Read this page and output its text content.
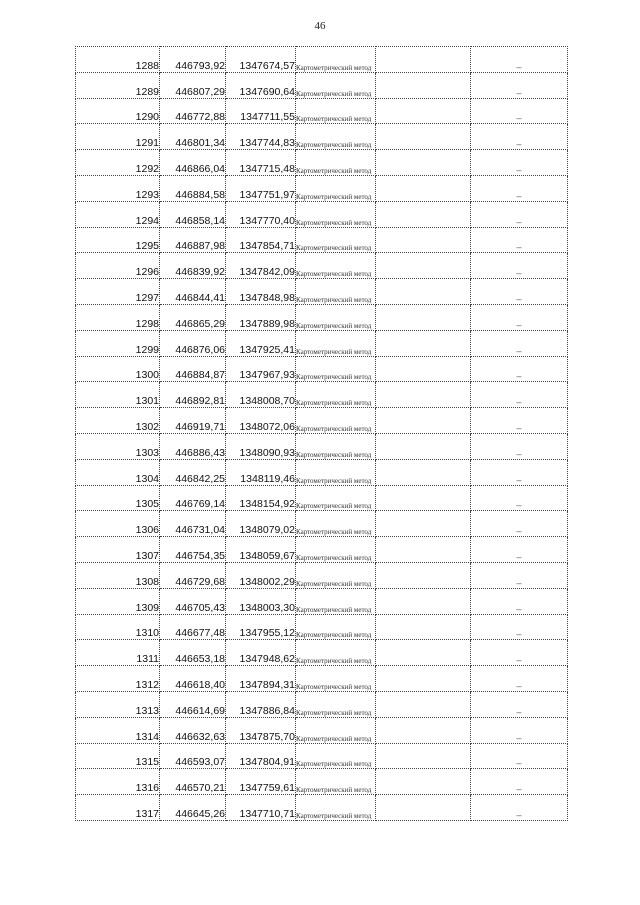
46
1288	446793,92	1347674,57	Картометрический метод		–
1289	446807,29	1347690,64	Картометрический метод		–
1290	446772,88	1347711,55	Картометрический метод		–
1291	446801,34	1347744,83	Картометрический метод		–
1292	446866,04	1347715,48	Картометрический метод		–
1293	446884,58	1347751,97	Картометрический метод		–
1294	446858,14	1347770,40	Картометрический метод		–
1295	446887,98	1347854,71	Картометрический метод		–
1296	446839,92	1347842,09	Картометрический метод		–
1297	446844,41	1347848,98	Картометрический метод		–
1298	446865,29	1347889,98	Картометрический метод		–
1299	446876,06	1347925,41	Картометрический метод		–
1300	446884,87	1347967,93	Картометрический метод		–
1301	446892,81	1348008,70	Картометрический метод		–
1302	446919,71	1348072,06	Картометрический метод		–
1303	446886,43	1348090,93	Картометрический метод		–
1304	446842,25	1348119,46	Картометрический метод		–
1305	446769,14	1348154,92	Картометрический метод		–
1306	446731,04	1348079,02	Картометрический метод		–
1307	446754,35	1348059,67	Картометрический метод		–
1308	446729,68	1348002,29	Картометрический метод		–
1309	446705,43	1348003,30	Картометрический метод		–
1310	446677,48	1347955,12	Картометрический метод		–
1311	446653,18	1347948,62	Картометрический метод		–
1312	446618,40	1347894,31	Картометрический метод		–
1313	446614,69	1347886,84	Картометрический метод		–
1314	446632,63	1347875,70	Картометрический метод		–
1315	446593,07	1347804,91	Картометрический метод		–
1316	446570,21	1347759,61	Картометрический метод		–
1317	446645,26	1347710,71	Картометрический метод		–
